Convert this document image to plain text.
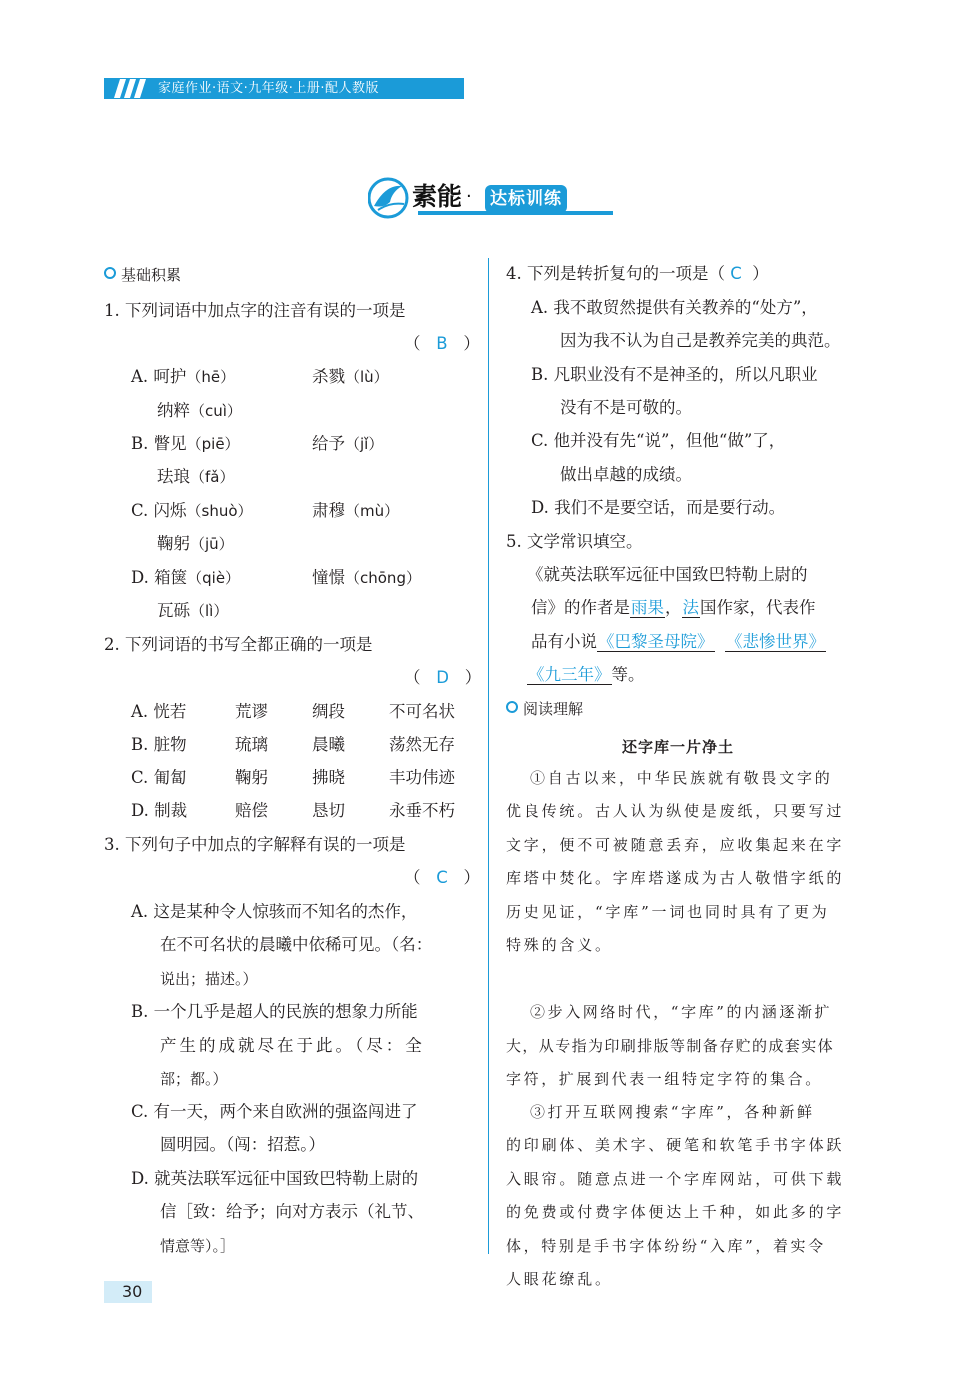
家庭作业·语文·九年级·上册·配人教版
素能 · 达标训练
基础积累
1. 下列词语中加点字的注音有误的一项是
（   B   ）
A. 呵护（hē）	杀戮（lù）
纳粹（cuì）
B. 瞥见（piē）	给予（jǐ）
珐琅（fǎ）
C. 闪烁（shuò）	肃穆（mù）
鞠躬（jū）
D. 箱箧（qiè）	憧憬（chōng）
瓦砾（lì）
2. 下列词语的书写全都正确的一项是
（   D   ）
A. 恍若	荒谬	绸段	不可名状
B. 脏物	琉璃	晨曦	荡然无存
C. 匍匐	鞠躬	拂晓	丰功伟迹
D. 制裁	赔偿	恳切	永垂不朽
3. 下列句子中加点的字解释有误的一项是
（   C   ）
A. 这是某种令人惊骇而不知名的杰作，
在不可名状的晨曦中依稀可见。（名：
说出；描述。）
B. 一个几乎是超人的民族的想象力所能
产生的成就尽在于此。（尽：全
部；都。）
C. 有一天，两个来自欧洲的强盗闯进了
圆明园。（闯：招惹。）
D. 就英法联军远征中国致巴特勒上尉的
信［致：给予；向对方表示（礼节、
情意等）。］
4. 下列是转折复句的一项是（ C ）
A. 我不敢贸然提供有关教养的“处方”，
因为我不认为自己是教养完美的典范。
B. 凡职业没有不是神圣的，所以凡职业
没有不是可敬的。
C. 他并没有先“说”，但他“做”了，
做出卓越的成绩。
D. 我们不是要空话，而是要行动。
5. 文学常识填空。
《就英法联军远征中国致巴特勒上尉的
信》的作者是雨果，法国作家，代表作
品有小说《巴黎圣母院》 《悲惨世界》
《九三年》等。
阅读理解
还字库一片净土
①自古以来，中华民族就有敬畏文字的
优良传统。古人认为纵使是废纸，只要写过
文字，便不可被随意丢弃，应收集起来在字
库塔中焚化。字库塔遂成为古人敬惜字纸的
历史见证，“字库”一词也同时具有了更为
特殊的含义。
②步入网络时代，“字库”的内涵逐渐扩
大，从专指为印刷排版等制备存贮的成套实体
字符，扩展到代表一组特定字符的集合。
③打开互联网搜索“字库”，各种新鲜
的印刷体、美术字、硬笔和软笔手书字体跃
入眼帘。随意点进一个字库网站，可供下载
的免费或付费字体便达上千种，如此多的字
体，特别是手书字体纷纷“入库”，着实令
人眼花缭乱。
30
